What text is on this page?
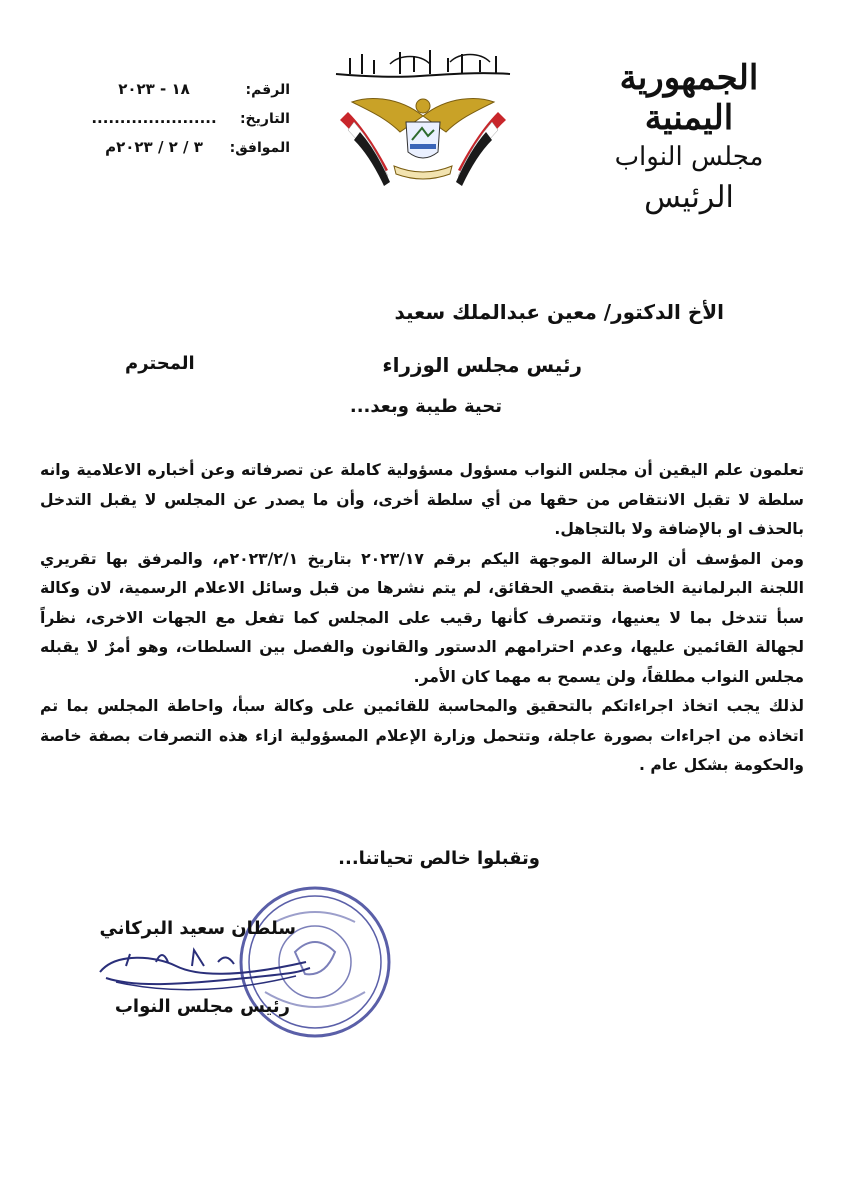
الجمهورية اليمنية
مجلس النواب
الرئيس
الرقم:
١٨ - ٢٠٢٣
التاريخ:
......................
الموافق:
٣ / ٢ / ٢٠٢٣م
الأخ الدكتور/ معين عبدالملك سعيد
رئيس مجلس الوزراء
المحترم
تحية طيبة وبعد...

تعلمون علم اليقين أن مجلس النواب مسؤول مسؤولية كاملة عن تصرفاته وعن أخباره الاعلامية وانه سلطة لا تقبل الانتقاص من حقها من أي سلطة أخرى، وأن ما يصدر عن المجلس لا يقبل التدخل بالحذف او بالإضافة ولا بالتجاهل.

ومن المؤسف أن الرسالة الموجهة اليكم برقم ٢٠٢٣/١٧ بتاريخ ٢٠٢٣/٢/١م، والمرفق بها تقريري اللجنة البرلمانية الخاصة بتقصي الحقائق، لم يتم نشرها من قبل وسائل الاعلام الرسمية، لان وكالة سبأ تتدخل بما لا يعنيها، وتتصرف كأنها رقيب على المجلس كما تفعل مع الجهات الاخرى، نظراً لجهالة القائمين عليها، وعدم احترامهم الدستور والقانون والفصل بين السلطات، وهو أمرٌ لا يقبله مجلس النواب مطلقاً، ولن يسمح به مهما كان الأمر.

لذلك يجب اتخاذ اجراءاتكم بالتحقيق والمحاسبة للقائمين على وكالة سبأ، واحاطة المجلس بما تم اتخاذه من اجراءات بصورة عاجلة، وتتحمل وزارة الإعلام المسؤولية ازاء هذه التصرفات بصفة خاصة والحكومة بشكل عام .

وتقبلوا خالص تحياتنا...
سلطان سعيد البركاني
رئيس مجلس النواب
